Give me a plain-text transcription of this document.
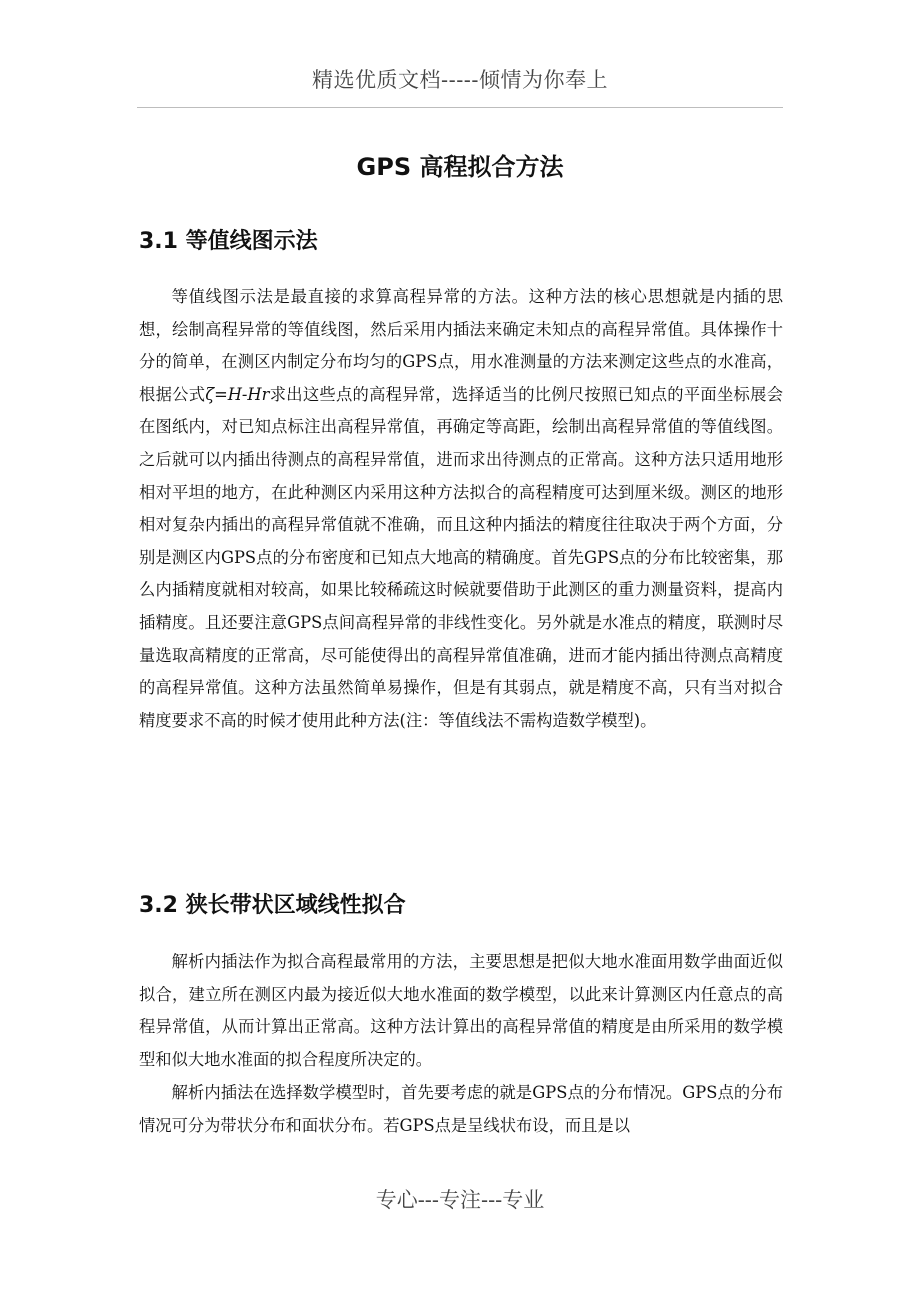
精选优质文档-----倾情为你奉上
GPS 高程拟合方法
3.1 等值线图示法

等值线图示法是最直接的求算高程异常的方法。这种方法的核心思想就是内插的思想，绘制高程异常的等值线图，然后采用内插法来确定未知点的高程异常值。具体操作十分的简单，在测区内制定分布均匀的GPS点，用水准测量的方法来测定这些点的水准高，根据公式ζ=H-Hr求出这些点的高程异常，选择适当的比例尺按照已知点的平面坐标展会在图纸内，对已知点标注出高程异常值，再确定等高距，绘制出高程异常值的等值线图。之后就可以内插出待测点的高程异常值，进而求出待测点的正常高。这种方法只适用地形相对平坦的地方，在此种测区内采用这种方法拟合的高程精度可达到厘米级。测区的地形相对复杂内插出的高程异常值就不准确，而且这种内插法的精度往往取决于两个方面，分别是测区内GPS点的分布密度和已知点大地高的精确度。首先GPS点的分布比较密集，那么内插精度就相对较高，如果比较稀疏这时候就要借助于此测区的重力测量资料，提高内插精度。且还要注意GPS点间高程异常的非线性变化。另外就是水准点的精度，联测时尽量选取高精度的正常高，尽可能使得出的高程异常值准确，进而才能内插出待测点高精度的高程异常值。这种方法虽然简单易操作，但是有其弱点，就是精度不高，只有当对拟合精度要求不高的时候才使用此种方法(注：等值线法不需构造数学模型)。

3.2 狭长带状区域线性拟合

解析内插法作为拟合高程最常用的方法，主要思想是把似大地水准面用数学曲面近似拟合，建立所在测区内最为接近似大地水准面的数学模型，以此来计算测区内任意点的高程异常值，从而计算出正常高。这种方法计算出的高程异常值的精度是由所采用的数学模型和似大地水准面的拟合程度所决定的。

解析内插法在选择数学模型时，首先要考虑的就是GPS点的分布情况。GPS点的分布情况可分为带状分布和面状分布。若GPS点是呈线状布设，而且是以

专心---专注---专业
